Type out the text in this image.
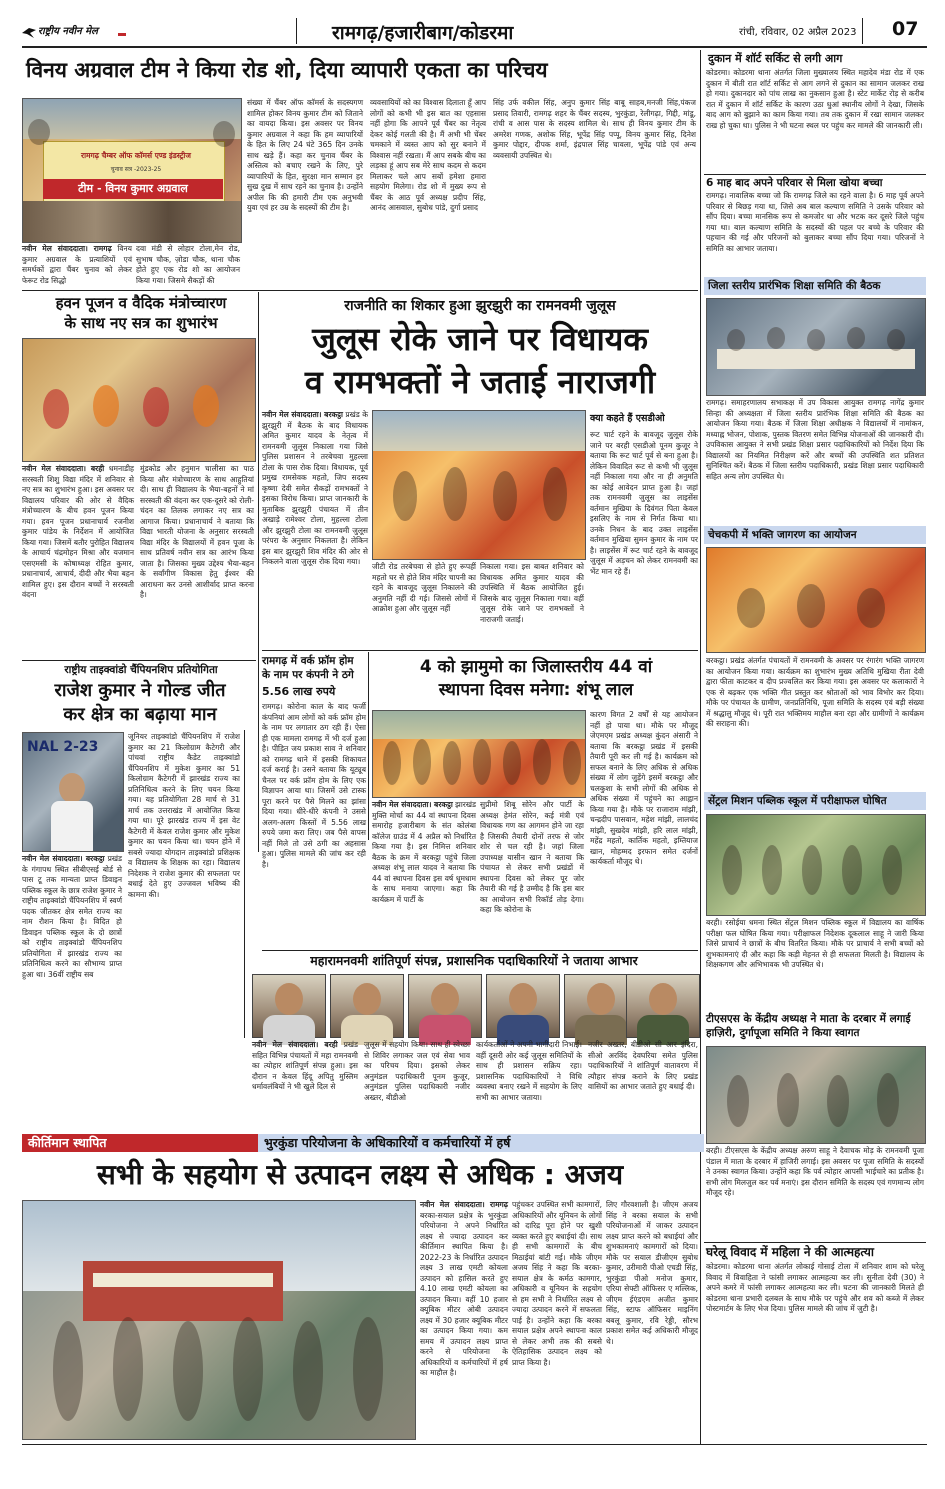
राष्ट्रीय नवीन मेल	रामगढ़/हजारीबाग/कोडरमा	रांची, रविवार, 02 अप्रैल 2023 07
विनय अग्रवाल टीम ने किया रोड शो, दिया व्यापारी एकता का परिचय
रामगढ़ चैम्बर ऑफ कॉमर्स एण्ड इंडस्ट्रीज
चुनाव सत्र -2023-25
टीम - विनय कुमार अग्रवाल
नवीन मेल संवाददाता। रामगढ़ विनय कुमार अग्रवाल के प्रत्याशियों एवं समर्थकों द्वारा चैंबर चुनाव को लेकर फेरूट रोड सिद्धो
दवा मंडी से लोहार टोला,मेन रोड, सुभाष चौक, ज़ोडा चौक, थाना चौक होते हुए एक रोड शो का आयोजन किया गया। जिसमे सैकड़ों की
संख्या में चैंबर ऑफ कॉमर्स के सदस्यगण शामिल होकर विनय कुमार टीम को जिताने का वायदा किया। इस अवसर पर विनय कुमार अग्रवाल ने कहा कि हम व्यापारियों के हित के लिए 24 घंटे 365 दिन उनके साथ खड़े हैं। कहा कर चुनाव चैंबर के अस्तित्व को बचाए रखने के लिए, पुरे व्यापारियों के हित, सुरक्षा मान सम्मान हर सुख दुख में साथ रहने का चुनाव है। उन्होंने अपील कि की हमारी टीम एक अनुभवी युवा एवं हर उम्र के सदस्यों की टीम है।
व्यवसायियों को का विश्वास दिलाता हूँ आप लोगों को कभी भी इस बात का एहसास नहीं होगा कि आपने पूर्व चैंबर का नेतृत्व देकर कोई गलती की है। मैं अभी भी चेंबर चमकाने में व्यस्त आप को सुर बनाने में विश्वास नहीं रखता। मैं आप सबके बीच का लड़का हूं आप सब मेरे साथ कदम से कदम मिलाकर चले आप सबों हमेशा हमारा सहयोग मिलेगा। रोड शो में मुख्य रूप से चैंबर के आठ पूर्व अध्यक्ष प्रदीप सिंह, आनंद आसवाल, सुबोध पांडे, दुर्गा प्रसाद
सिंह उर्फ वकील सिंह, अनुप कुमार सिंह बाबू साहब,मनजी सिंह,पंकज प्रसाद तिवारी, रामगढ़ शहर के चैंबर सदस्य, भुरकुंडा, रेलीगढ़ा, गिद्दी, मांडू, रांची व आस पास के सदस्य शामिल थे। साथ ही विनय कुमार टीम के अमरेश गणक, अशोक सिंह, भूपेंद्र सिंह पप्पू, विनय कुमार सिंह, दिनेश कुमार पोद्दार, दीपक शर्मा, इंद्रपाल सिंह चावला, भूपेंद्र पांडे एवं अन्य व्यवसायी उपस्थित थे।
दुकान में शॉर्ट सर्किट से लगी आग
कोडरमा। कोडरमा थाना अंतर्गत जिला मुख्यालय स्थित महादेव मंडा रोड में एक दुकान में बीती रात शॉर्ट सर्किट से आग लगने से दुकान का सामान जलकर राख हो गया। दुकानदार को पांच लाख का नुकसान हुआ है। स्टेट मार्केट रोड़ से करीब रात में दुकान में शॉर्ट सर्किट के कारण उठा धुआं स्थानीय लोगों ने देखा, जिसके बाद आग को बुझाने का काम किया गया। तब तक दुकान में रखा सामान जलकर राख हो चुका था। पुलिस ने भी घटना स्थल पर पहुंच कर मामले की जानकारी ली।
6 माह बाद अपने परिवार से मिला खोया बच्चा
रामगढ़। नावालिक बच्चा जो कि रामगढ़ जिले का रहने वाला है। 6 माह पूर्व अपने परिवार से बिछड़ गया था, जिसे अब बाल कल्याण समिति ने उसके परिवार को सौंप दिया। बच्चा मानसिक रूप से कमजोर था और भटक कर दूसरे जिले पहुंच गया था। बाल कल्याण समिति के सदस्यों की पहल पर बच्चे के परिवार की पहचान की गई और परिजनों को बुलाकर बच्चा सौंप दिया गया। परिजनों ने समिति का आभार जताया।
जिला स्तरीय प्रारंभिक शिक्षा समिति की बैठक
रामगढ़। समाहरणालय सभाकक्ष में उप विकास आयुक्त रामगढ़ नागेंद्र कुमार सिन्हा की अध्यक्षता में जिला स्तरीय प्रारंभिक शिक्षा समिति की बैठक का आयोजन किया गया। बैठक में जिला शिक्षा अधीक्षक ने विद्यालयों में नामांकन, मध्याह्न भोजन, पोशाक, पुस्तक वितरण समेत विभिन्न योजनाओं की जानकारी दी। उपविकास आयुक्त ने सभी प्रखंड शिक्षा प्रसार पदाधिकारियों को निर्देश दिया कि विद्यालयों का नियमित निरीक्षण करें और बच्चों की उपस्थिति शत प्रतिशत सुनिश्चित करें। बैठक में जिला स्तरीय पदाधिकारी, प्रखंड शिक्षा प्रसार पदाधिकारी सहित अन्य लोग उपस्थित थे।
चेचकपी में भक्ति जागरण का आयोजन
बरकट्ठा। प्रखंड अंतर्गत पंचायतों में रामनवमी के अवसर पर रंगारंग भक्ति जागरण का आयोजन किया गया। कार्यक्रम का शुभारंभ मुख्य अतिथि मुखिया रीता देवी द्वारा फीता काटकर व दीप प्रज्वलित कर किया गया। इस अवसर पर कलाकारों ने एक से बढ़कर एक भक्ति गीत प्रस्तुत कर श्रोताओं को भाव विभोर कर दिया। मौके पर पंचायत के ग्रामीण, जनप्रतिनिधि, पूजा समिति के सदस्य एवं बड़ी संख्या में श्रद्धालु मौजूद थे। पूरी रात भक्तिमय माहौल बना रहा और ग्रामीणों ने कार्यक्रम की सराहना की।
सेंट्रल मिशन पब्लिक स्कूल में परीक्षाफल घोषित
बरही। रसोईया धमना स्थित सेंट्रल मिशन पब्लिक स्कूल में विद्यालय का वार्षिक परीक्षा फल घोषित किया गया। परीक्षाफल निदेशक दूकलाल साहू ने जारी किया जिसे प्राचार्य ने छात्रों के बीच वितरित किया। मौके पर प्राचार्य ने सभी बच्चों को शुभकामनाएं दी और कहा कि कड़ी मेहनत से ही सफलता मिलती है। विद्यालय के शिक्षकगण और अभिभावक भी उपस्थित थे।
टीएसएस के केंद्रीय अध्यक्ष ने माता के दरबार में लगाई हाज़िरी, दुर्गापूजा समिति ने किया स्वागत
बरही। टीएसएस के केंद्रीय अध्यक्ष अरुण साहू ने दैवाचक मोड़ के रामनवमी पूजा पंडाल में माता के दरबार में हाजिरी लगाई। इस अवसर पर पूजा समिति के सदस्यों ने उनका स्वागत किया। उन्होंने कहा कि पर्व त्योहार आपसी भाईचारे का प्रतीक है। सभी लोग मिलजुल कर पर्व मनाएं। इस दौरान समिति के सदस्य एवं गणमान्य लोग मौजूद रहे।
घरेलू विवाद में महिला ने की आत्महत्या
कोडरमा। कोडरमा थाना अंतर्गत लोकाई गोसाई टोला में शनिवार शाम को घरेलू विवाद में विवाहिता ने फांसी लगाकर आत्महत्या कर ली। सुनीता देवी (30) ने अपने कमरे में फांसी लगाकर आत्महत्या कर ली। घटना की जानकारी मिलते ही कोडरमा थाना प्रभारी दलबल के साथ मौके पर पहुंचे और शव को कब्जे में लेकर पोस्टमार्टम के लिए भेज दिया। पुलिस मामले की जांच में जुटी है।
हवन पूजन व वैदिक मंत्रोच्चारण
के साथ नए सत्र का शुभारंभ
नवीन मेल संवाददाता। बरही धमनाडीह सरस्वती शिशु विद्या मंदिर में शनिवार से नए सत्र का शुभारंभ हुआ। इस अवसर पर विद्यालय परिवार की ओर से वैदिक मंत्रोच्चारण के बीच हवन पूजन किया गया। हवन पूजन प्रधानाचार्य रजनीश कुमार पांडेय के निर्देशन में आयोजित किया गया। जिसमें बतौर पुरोहित विद्यालय के आचार्य चंद्रमोहन मिश्रा और यजमान एसएमसी के कोषाध्यक्ष रोहित कुमार, प्रधानाचार्य, आचार्य, दीदी और भैया बहन शामिल हुए। इस दौरान बच्चों ने सरस्वती वंदना
मुंडकोड और हनुमान चालीसा का पाठ किया और मंत्रोच्चारण के साथ आहुतियां दी। साथ ही विद्यालय के भैया-बहनों ने मां सरस्वती की वंदना कर एक-दूसरे को रोली-चंदन का तिलक लगाकर नए सत्र का आगाज किया। प्रधानाचार्य ने बताया कि विद्या भारती योजना के अनुसार सरस्वती विद्या मंदिर के विद्यालयों में हवन पूजा के साथ प्रतिवर्ष नवीन सत्र का आरंभ किया जाता है। जिसका मुख्य उद्देश्य भैया-बहन के सर्वांगीण विकास हेतु ईश्वर की आराधना कर उनसे आशीर्वाद प्राप्त करना है।
राष्ट्रीय ताइक्वांडो चैंपियनशिप प्रतियोगिता
राजेश कुमार ने गोल्ड जीत
कर क्षेत्र का बढ़ाया मान
NAL 2-23
नवीन मेल संवाददाता। बरकट्ठा प्रखंड के गंगापथ स्थित सीबीएसई बोर्ड से पास टू तक मान्यता प्राप्त डिवाइन पब्लिक स्कूल के छात्र राजेश कुमार ने राष्ट्रीय ताइक्वांडो चैंपियनशिप में स्वर्ण पदक जीतकर क्षेत्र समेत राज्य का नाम रौशन किया है। विदित हो डिवाइन पब्लिक स्कूल के दो छात्रों को राष्ट्रीय ताइक्वांडो चैंपियनशिप प्रतियोगिता में झारखंड राज्य का प्रतिनिधित्व करने का सौभाग्य प्राप्त हुआ था। 36वीं राष्ट्रीय सब
जूनियर ताइक्वांडो चैंपियनशिप में राजेश कुमार का 21 किलोग्राम कैटेगरी और पांचवां राष्ट्रीय कैडेट ताइक्वांडो चैंपियनशिप में मुकेश कुमार का 51 किलोग्राम कैटेगरी में झारखंड राज्य का प्रतिनिधित्व करने के लिए चयन किया गया। यह प्रतियोगिता 28 मार्च से 31 मार्च तक उत्तराखंड में आयोजित किया गया था। पूरे झारखंड राज्य में इस वेट कैटेगरी में केवल राजेश कुमार और मुकेश कुमार का चयन किया था। चयन होने में सबसे ज्यादा योगदान ताइक्वांडो प्रशिक्षक व विद्यालय के शिक्षक का रहा। विद्यालय निदेशक ने राजेश कुमार की सफलता पर बधाई देते हुए उज्जवल भविष्य की कामना की।
राजनीति का शिकार हुआ झुरझुरी का रामनवमी जुलूस
जुलूस रोके जाने पर विधायक
व रामभक्तों ने जताई नाराजगी
नवीन मेल संवाददाता। बरकट्ठा प्रखंड के झुरझुरी में बैठक के बाद विधायक अमित कुमार यादव के नेतृत्व में रामनवमी जुलूस निकाला गया जिसे पुलिस प्रशासन ने तरबेचवा मुहल्ला टोला के पास रोक दिया। विधायक, पूर्व प्रमुख रामसेवक महतो, जिप सदस्य कृष्णा देवी समेत सैकड़ों रामभक्तों ने इसका विरोध किया। प्राप्त जानकारी के मुताबिक झुरझुरी पंचायत में तीन अखाड़े रामेश्वर टोला, मुहल्ला टोला और झुरझुरी टोला का रामनवमी जुलूस परंपरा के अनुसार निकलता है। लेकिन इस बार झुरझुरी शिव मंदिर की ओर से निकलने वाला जुलूस रोक दिया गया।
जीटी रोड तरबेचवा से होते हुए रूपहीं महतो घर से होते शिव मंदिर चापनी का रहने के बावजूद जुलूस निकालने की अनुमति नहीं दी गई। जिससे लोगों में आक्रोश हुआ और जुलूस नहीं
निकाला गया। इस बाबत शनिवार को विधायक अमित कुमार यादव की उपस्थिति में बैठक आयोजित हुई। जिसके बाद जुलूस निकाला गया। वहीं जुलूस रोके जाने पर रामभक्तों ने नाराजगी जताई।
क्या कहते हैं एसडीओ
रूट चार्ट रहने के बावजूद जुलूस रोके जाने पर बरही एसडीओ पूनम कुजूर ने बताया कि रूट चार्ट पूर्व से बना हुआ है। लेकिन विवादित रूट से कभी भी जुलूस नहीं निकाला गया और ना ही अनुमति का कोई आवेदन प्राप्त हुआ है। जहां तक रामनवमी जुलूस का लाइसेंस वर्तमान मुखिया के दिवंगत पिता केवल इसलिए के नाम से निर्गत किया था। उनके निधन के बाद उक्त लाइसेंस वर्तमान मुखिया सुमन कुमार के नाम पर है। लाइसेंस में रूट चार्ट रहने के बावजूद जुलूस में अड़चन को लेकर रामनवमी का भेंट मान रहे हैं।
रामगढ़ में वर्क फ्रॉम होम
के नाम पर कंपनी ने ठगे
5.56 लाख रुपये
रामगढ़। कोरोना काल के बाद फर्जी कंपनियां आम लोगों को वर्क फ्रॉम होम के नाम पर लगातार ठग रही हैं। ऐसा ही एक मामला रामगढ़ में भी दर्ज हुआ है। पीड़ित जय प्रकाश साव ने शनिवार को रामगढ़ थाने में इसकी शिकायत दर्ज कराई है। उसने बताया कि यूट्यूब चैनल पर वर्क फ्रॉम होम के लिए एक विज्ञापन आया था। जिसमें उसे टास्क पूरा करने पर पैसे मिलने का झांसा दिया गया। धीरे-धीरे कंपनी ने उससे अलग-अलग किस्तों में 5.56 लाख रुपये जमा करा लिए। जब पैसे वापस नहीं मिले तो उसे ठगी का अहसास हुआ। पुलिस मामले की जांच कर रही है।
4 को झामुमो का जिलास्तरीय 44 वां
स्थापना दिवस मनेगा: शंभू लाल
नवीन मेल संवाददाता। बरकट्ठा झारखंड मुक्ति मोर्चा का 44 वां स्थापना दिवस समारोह हजारीबाग के संत कोलंबा कॉलेज ग्राउंड में 4 अप्रैल को निर्धारित किया गया है। इस निमित्त शनिवार बैठक के क्रम में बरकट्ठा पहुंचे जिला अध्यक्ष शंभू लाल यादव ने बताया कि 44 वां स्थापना दिवस इस वर्ष धूमधाम के साथ मनाया जाएगा। कहा कि कार्यक्रम में पार्टी के
सुप्रीमो शिबू सोरेन और पार्टी के अध्यक्ष हेमंत सोरेन, कई मंत्री एवं विधायक गण का आगमन होने जा रहा है जिसकी तैयारी दोनों तरफ से जोर शोर से चल रही है। जहां जिला उपाध्यक्ष यासीन खान ने बताया कि पंचायत से लेकर सभी प्रखंडों में स्थापना दिवस को लेकर पूर जोर तैयारी की गई है उम्मीद है कि इस बार का आयोजन सभी रिकॉर्ड तोड़ देगा। कहा कि कोरोना के
कारण विगत 2 वर्षों से यह आयोजन नहीं हो पाया था। मौके पर मौजूद जेएमएम प्रखंड अध्यक्ष कुंदन अंसारी ने बताया कि बरकट्ठा प्रखंड में इसकी तैयारी पूरी कर ली गई है। कार्यक्रम को सफल बनाने के लिए अधिक से अधिक संख्या में लोग जुड़ेंगे इसमें बरकट्ठा और चलकुशा के सभी लोगों की अधिक से अधिक संख्या में पहुंचने का आह्वान किया गया है। मौके पर राजाराम मांझी, चन्द्रदीप पासवान, महेश मांझी, लालचंद मांझी, सुखदेव मांझी, हरि लाल मांझी, महेंद्र महतो, कार्तिक महतो, इम्तियाज खान, मोहम्मद इरफान समेत दर्जनों कार्यकर्ता मौजूद थे।
महारामनवमी शांतिपूर्ण संपन्न, प्रशासनिक पदाधिकारियों ने जताया आभार
नवीन मेल संवाददाता। बरही प्रखंड सहित विभिन्न पंचायतों में महा रामनवमी का त्योहार शांतिपूर्ण संपन्न हुआ। इस दौरान न केवल हिंदू अपितु मुस्लिम धर्मावलंबियों ने भी खुले दिल से
जुलूस में सहयोग किया। साथ ही स्वेच्छा से शिविर लगाकर जल एवं सेवा भाव का परिचय दिया। इसको लेकर अनुमंडल पदाधिकारी पूनम कुजूर, अनुमंडल पुलिस पदाधिकारी नजीर अख्तर, बीडीओ
कार्यकर्ताओं ने अपनी भागीदारी निभाई। वहीं दूसरी ओर कई जुलूस समितियों के साथ ही प्रशासन सक्रिय रहा। प्रशासनिक पदाधिकारियों ने विधि व्यवस्था बनाए रखने में सहयोग के लिए सभी का आभार जताया।
नजीर अख्तर, बीडीओ सी आर इंदिरा, सीओ अरविंद देवघरिया समेत पुलिस पदाधिकारियों ने शांतिपूर्ण वातावरण में त्यौहार संपन्न कराने के लिए प्रखंड वासियों का आभार जताते हुए बधाई दी।
कीर्तिमान स्थापित	भुरकुंडा परियोजना के अधिकारियों व कर्मचारियों में हर्ष
सभी के सहयोग से उत्पादन लक्ष्य से अधिक : अजय
नवीन मेल संवाददाता। रामगढ़ बरका-सयाल प्रक्षेत्र के भुरकुंडा परियोजना ने अपने निर्धारित लक्ष्य से ज्यादा उत्पादन कर कीर्तिमान स्थापित किया है। 2022-23 के निर्धारित उत्पादन लक्ष्य 3 लाख एमटी कोयला उत्पादन को हासिल करते हुए 4.10 लाख एमटी कोयला का उत्पादन किया। वहीं 10 हजार क्यूबिक मीटर ओबी उत्पादन लक्ष्य में 30 हजार क्यूबिक मीटर का उत्पादन किया गया। कम समय में उत्पादन लक्ष्य प्राप्त करने से परियोजना के अधिकारियों व कर्मचारियों में हर्ष का माहौल है।
पहुंचकर उपस्थित सभी कामगारों, अधिकारियों और यूनियन के लोगों को दारिद्र पूरा होने पर खुशी व्यक्त करते हुए बधाईयां दी। साथ ही सभी कामगारों के बीच मिठाईयां बांटी गई। मौके जीएम अजय सिंह ने कहा कि बरका-सयाल क्षेत्र के कर्मठ कामगार, अधिकारी व यूनियन के सहयोग से हम सभी ने निर्धारित लक्ष्य से ज्यादा उत्पादन करने में सफलता पाई है। उन्होंने कहा कि बरका सयाल प्रक्षेत्र अपने स्थापना काल से लेकर अभी तक की सबसे ऐतिहासिक उत्पादन लक्ष्य को प्राप्त किया है।
लिए गौरवशाली है। जीएम अजय सिंह ने बरका सयाल के सभी परियोजनाओं में जाकर उत्पादन लक्ष्य प्राप्त करने को बधाईयां और शुभकामनाएं कामगारों को दिया। मौके पर सयाल डीजीएम सुबोध कुमार, उरीमारी पीओ एचडी सिंह, भुरकुंडा पीओ मनोज कुमार, एरिया सेफ्टी ऑफिसर ए मल्लिक, जीएम ईएंडएम अजीत कुमार सिंह, स्टाफ ऑफिसर माइनिंग बबलू कुमार, रवि रेड्डी, सौरभ प्रकाश समेत कई अधिकारी मौजूद थे।
